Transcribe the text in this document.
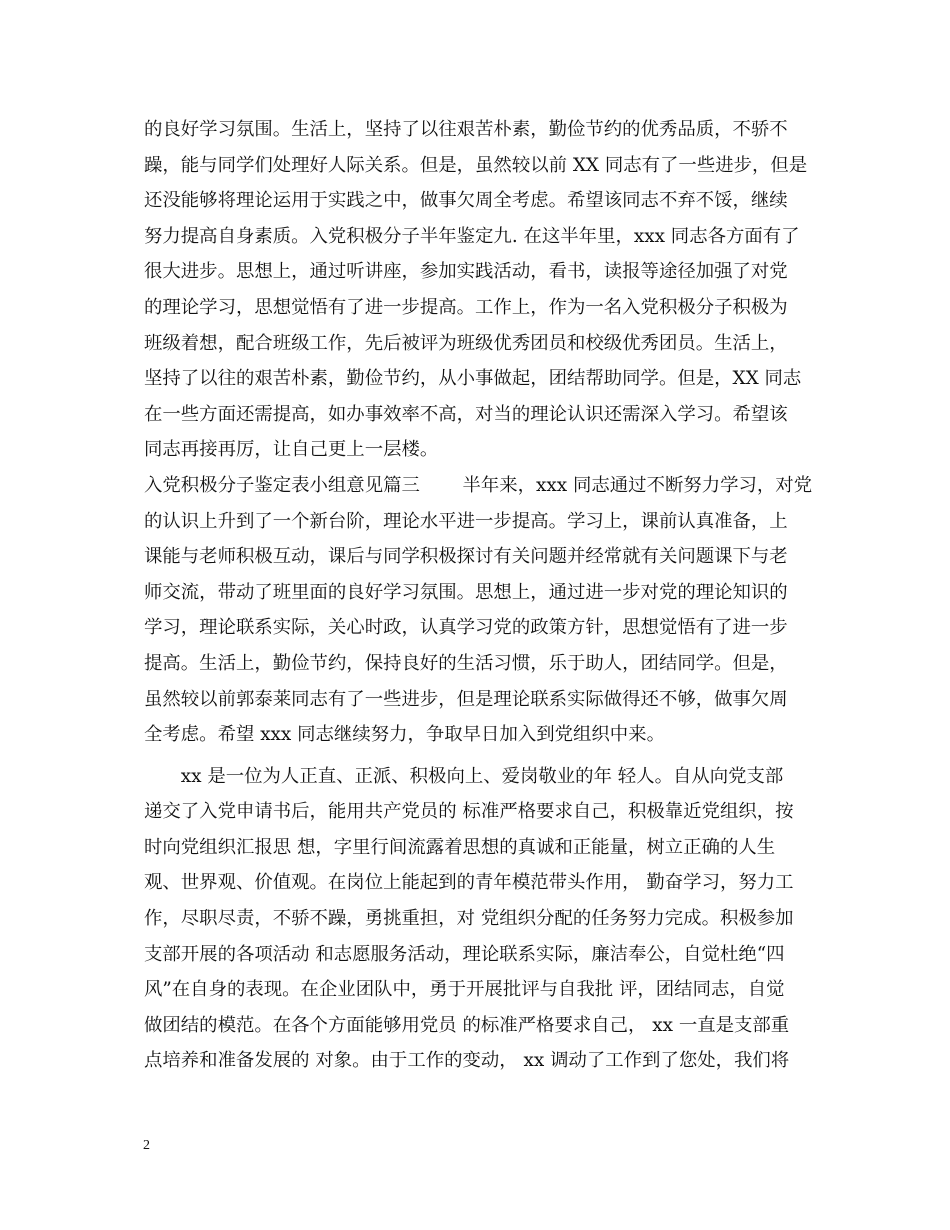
的良好学习氛围。生活上，坚持了以往艰苦朴素，勤俭节约的优秀品质，不骄不
躁，能与同学们处理好人际关系。但是，虽然较以前 XX 同志有了一些进步，但是
还没能够将理论运用于实践之中，做事欠周全考虑。希望该同志不弃不馁，继续
努力提高自身素质。入党积极分子半年鉴定九. 在这半年里，xxx 同志各方面有了
很大进步。思想上，通过听讲座，参加实践活动，看书，读报等途径加强了对党
的理论学习，思想觉悟有了进一步提高。工作上，作为一名入党积极分子积极为
班级着想，配合班级工作，先后被评为班级优秀团员和校级优秀团员。生活上，
坚持了以往的艰苦朴素，勤俭节约，从小事做起，团结帮助同学。但是，XX 同志
在一些方面还需提高，如办事效率不高，对当的理论认识还需深入学习。希望该
同志再接再厉，让自己更上一层楼。
入党积极分子鉴定表小组意见篇三 　　半年来，xxx 同志通过不断努力学习，对党
的认识上升到了一个新台阶，理论水平进一步提高。学习上，课前认真准备，上
课能与老师积极互动，课后与同学积极探讨有关问题并经常就有关问题课下与老
师交流，带动了班里面的良好学习氛围。思想上，通过进一步对党的理论知识的
学习，理论联系实际，关心时政，认真学习党的政策方针，思想觉悟有了进一步
提高。生活上，勤俭节约，保持良好的生活习惯，乐于助人，团结同学。但是，
虽然较以前郭泰莱同志有了一些进步，但是理论联系实际做得还不够，做事欠周
全考虑。希望 xxx 同志继续努力，争取早日加入到党组织中来。
　　xx 是一位为人正直、正派、积极向上、爱岗敬业的年 轻人。自从向党支部
递交了入党申请书后，能用共产党员的 标准严格要求自己，积极靠近党组织，按
时向党组织汇报思 想，字里行间流露着思想的真诚和正能量，树立正确的人生
观、世界观、价值观。在岗位上能起到的青年模范带头作用， 勤奋学习，努力工
作，尽职尽责，不骄不躁，勇挑重担，对 党组织分配的任务努力完成。积极参加
支部开展的各项活动 和志愿服务活动，理论联系实际，廉洁奉公，自觉杜绝“四
风”在自身的表现。在企业团队中，勇于开展批评与自我批 评，团结同志，自觉
做团结的模范。在各个方面能够用党员 的标准严格要求自己， xx 一直是支部重
点培养和准备发展的 对象。由于工作的变动， xx 调动了工作到了您处，我们将
2
